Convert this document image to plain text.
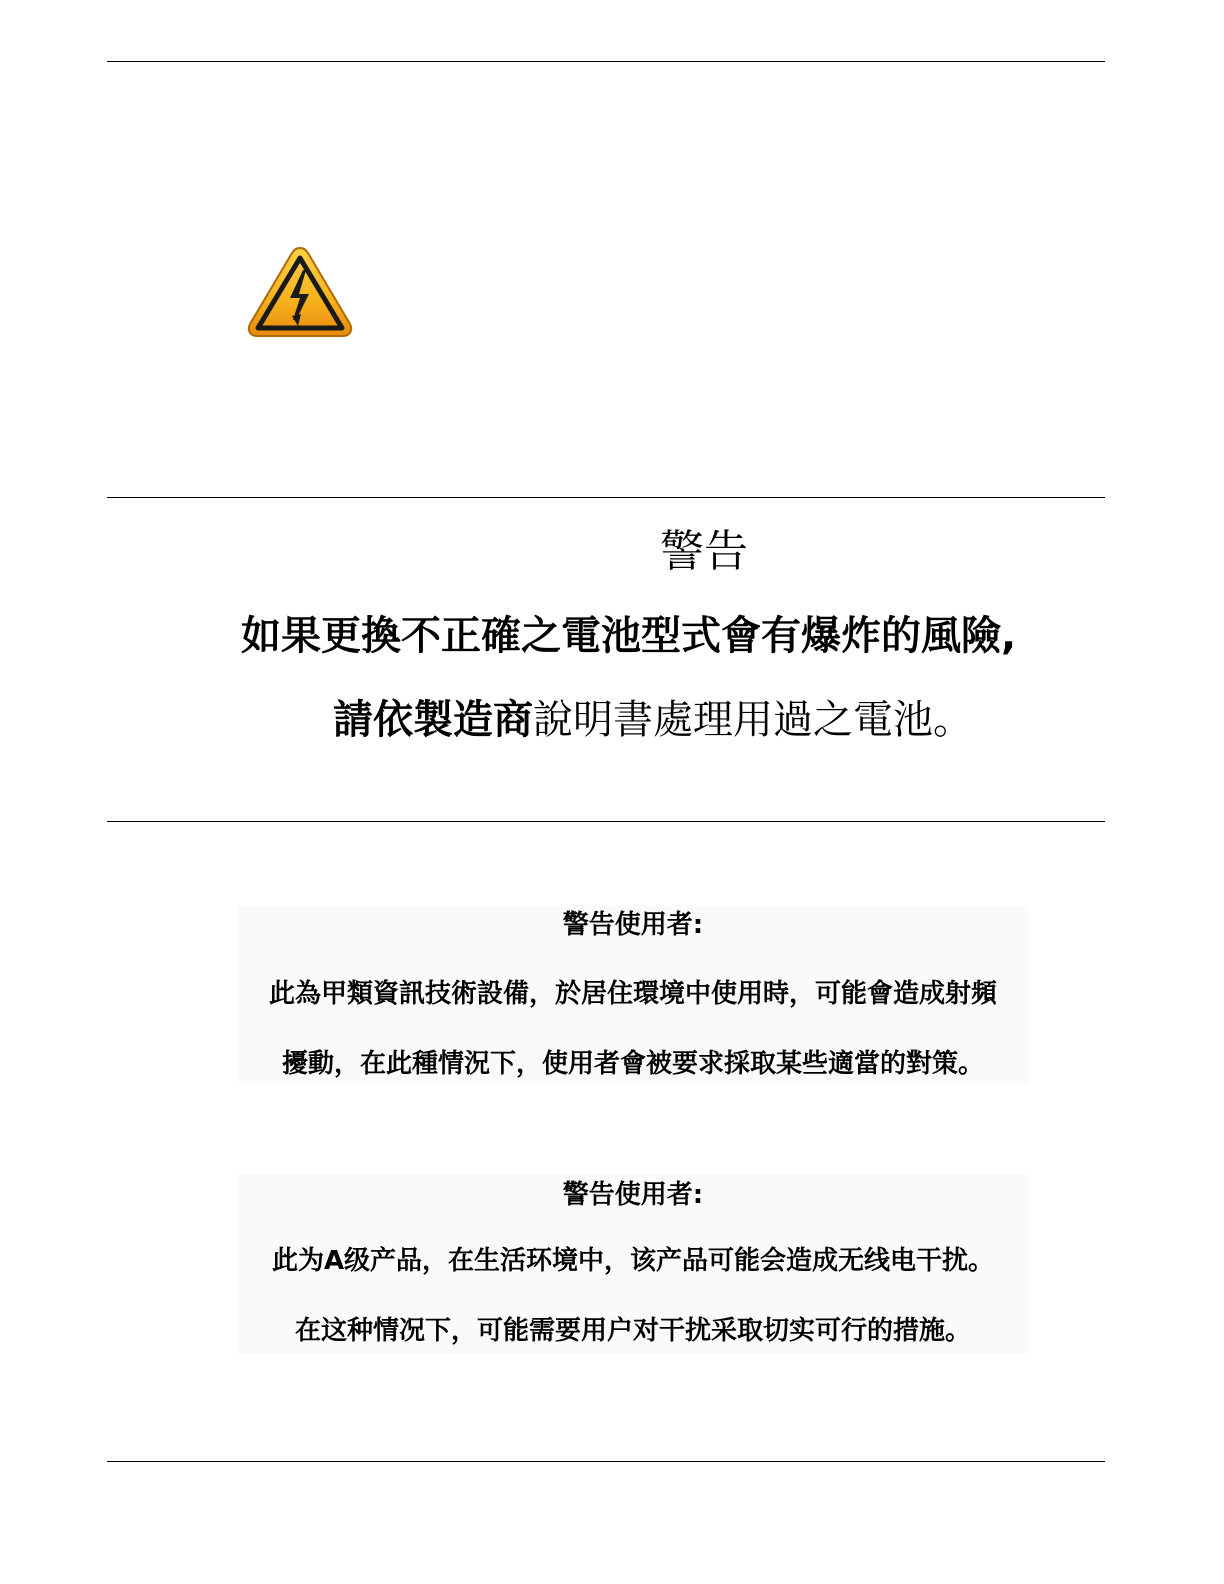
警告
如果更換不正確之電池型式會有爆炸的風險,
請依製造商說明書處理用過之電池。
警告使用者:
此為甲類資訊技術設備，於居住環境中使用時，可能會造成射頻
擾動，在此種情況下，使用者會被要求採取某些適當的對策。
警告使用者:
此为A级产品，在生活环境中，该产品可能会造成无线电干扰。
在这种情况下，可能需要用户对干扰采取切实可行的措施。
